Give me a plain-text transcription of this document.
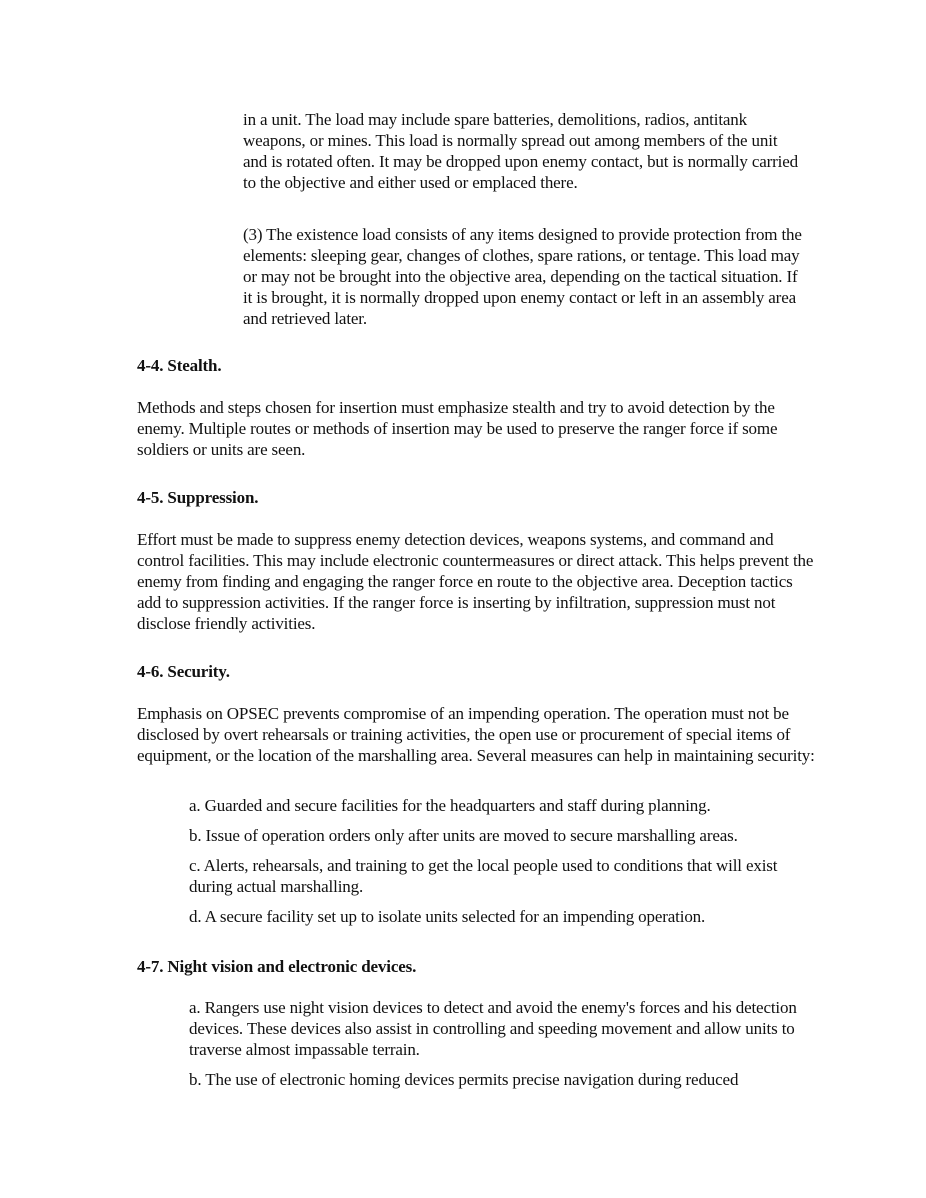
in a unit. The load may include spare batteries, demolitions, radios, antitank weapons, or mines. This load is normally spread out among members of the unit and is rotated often. It may be dropped upon enemy contact, but is normally carried to the objective and either used or emplaced there.

(3) The existence load consists of any items designed to provide protection from the elements: sleeping gear, changes of clothes, spare rations, or tentage. This load may or may not be brought into the objective area, depending on the tactical situation. If it is brought, it is normally dropped upon enemy contact or left in an assembly area and retrieved later.

4-4. Stealth.

Methods and steps chosen for insertion must emphasize stealth and try to avoid detection by the enemy. Multiple routes or methods of insertion may be used to preserve the ranger force if some soldiers or units are seen.

4-5. Suppression.

Effort must be made to suppress enemy detection devices, weapons systems, and command and control facilities. This may include electronic countermeasures or direct attack. This helps prevent the enemy from finding and engaging the ranger force en route to the objective area. Deception tactics add to suppression activities. If the ranger force is inserting by infiltration, suppression must not disclose friendly activities.

4-6. Security.

Emphasis on OPSEC prevents compromise of an impending operation. The operation must not be disclosed by overt rehearsals or training activities, the open use or procurement of special items of equipment, or the location of the marshalling area. Several measures can help in maintaining security:

a. Guarded and secure facilities for the headquarters and staff during planning.

b. Issue of operation orders only after units are moved to secure marshalling areas.

c. Alerts, rehearsals, and training to get the local people used to conditions that will exist during actual marshalling.

d. A secure facility set up to isolate units selected for an impending operation.

4-7. Night vision and electronic devices.

a. Rangers use night vision devices to detect and avoid the enemy's forces and his detection devices. These devices also assist in controlling and speeding movement and allow units to traverse almost impassable terrain.

b. The use of electronic homing devices permits precise navigation during reduced
